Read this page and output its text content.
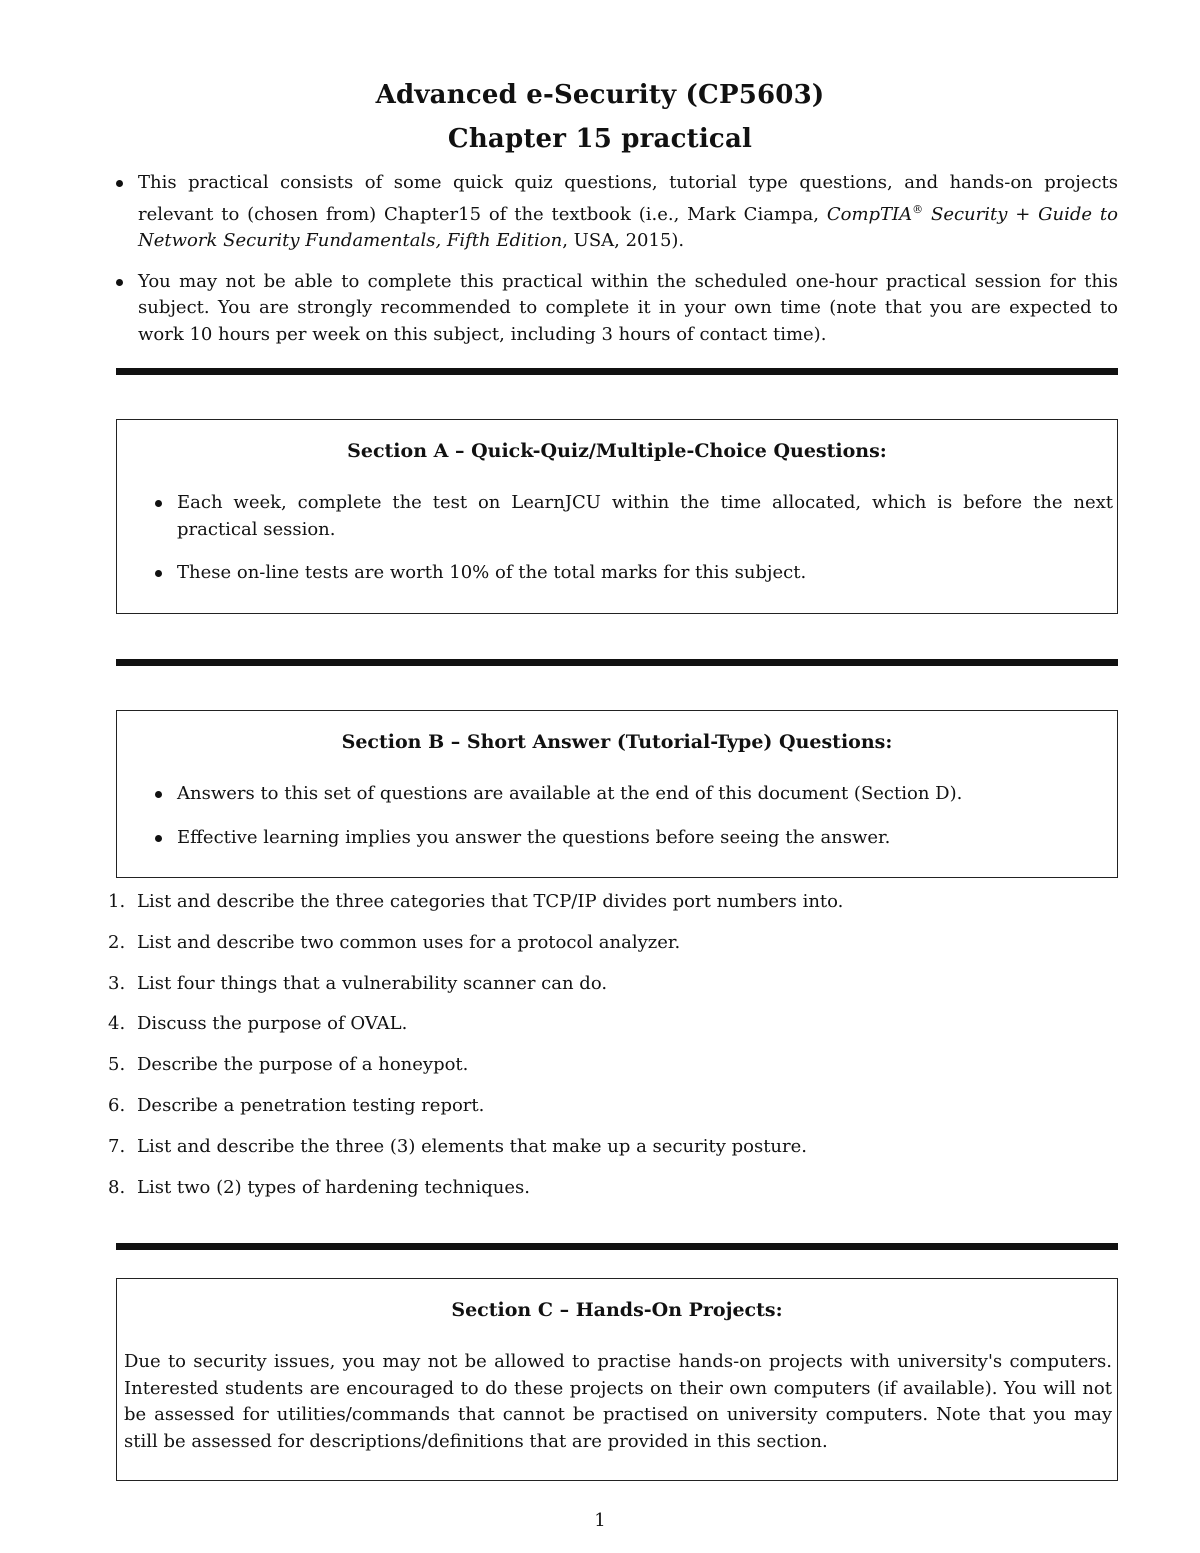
Advanced e-Security (CP5603)
Chapter 15 practical
This practical consists of some quick quiz questions, tutorial type questions, and hands-on projects relevant to (chosen from) Chapter15 of the textbook (i.e., Mark Ciampa, CompTIA® Security + Guide to Network Security Fundamentals, Fifth Edition, USA, 2015).
You may not be able to complete this practical within the scheduled one-hour practical session for this subject. You are strongly recommended to complete it in your own time (note that you are expected to work 10 hours per week on this subject, including 3 hours of contact time).
Section A – Quick-Quiz/Multiple-Choice Questions:
Each week, complete the test on LearnJCU within the time allocated, which is before the next practical session.
These on-line tests are worth 10% of the total marks for this subject.
Section B – Short Answer (Tutorial-Type) Questions:
Answers to this set of questions are available at the end of this document (Section D).
Effective learning implies you answer the questions before seeing the answer.
1. List and describe the three categories that TCP/IP divides port numbers into.
2. List and describe two common uses for a protocol analyzer.
3. List four things that a vulnerability scanner can do.
4. Discuss the purpose of OVAL.
5. Describe the purpose of a honeypot.
6. Describe a penetration testing report.
7. List and describe the three (3) elements that make up a security posture.
8. List two (2) types of hardening techniques.
Section C – Hands-On Projects:

Due to security issues, you may not be allowed to practise hands-on projects with university's computers. Interested students are encouraged to do these projects on their own computers (if available). You will not be assessed for utilities/commands that cannot be practised on university computers. Note that you may still be assessed for descriptions/definitions that are provided in this section.

1
